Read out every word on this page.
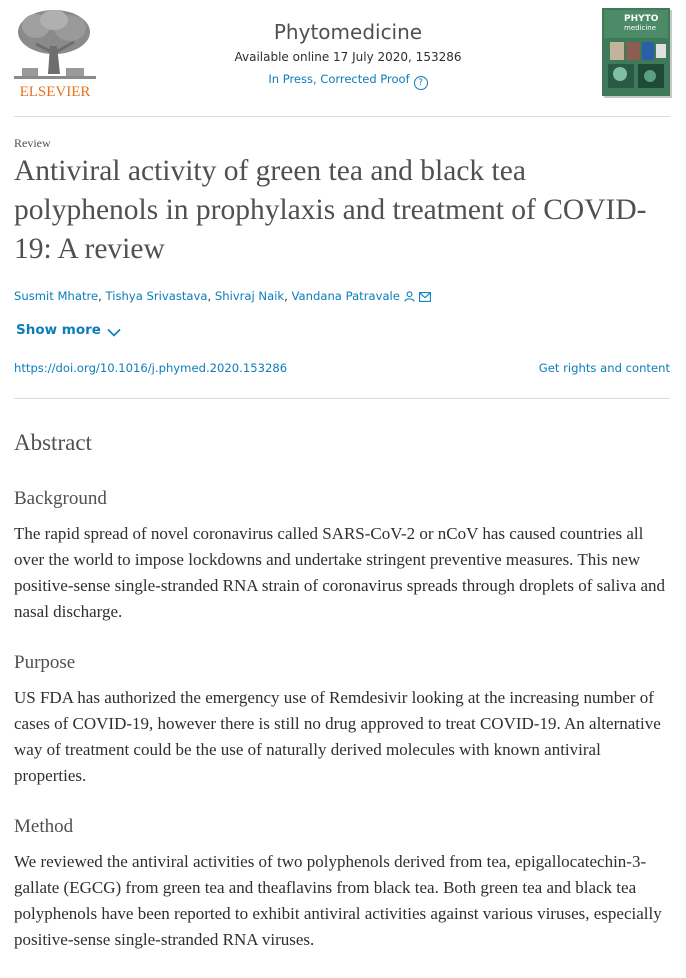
ELSEVIER
Phytomedicine
Available online 17 July 2020, 153286
In Press, Corrected Proof ?
PHYTO
medicine
Review
Antiviral activity of green tea and black tea polyphenols in prophylaxis and treatment of COVID-19: A review
Susmit Mhatre, Tishya Srivastava, Shivraj Naik, Vandana Patravale
Show more
https://doi.org/10.1016/j.phymed.2020.153286	Get rights and content
Abstract
Background

The rapid spread of novel coronavirus called SARS-CoV-2 or nCoV has caused countries all over the world to impose lockdowns and undertake stringent preventive measures. This new positive-sense single-stranded RNA strain of coronavirus spreads through droplets of saliva and nasal discharge.

Purpose

US FDA has authorized the emergency use of Remdesivir looking at the increasing number of cases of COVID-19, however there is still no drug approved to treat COVID-19. An alternative way of treatment could be the use of naturally derived molecules with known antiviral properties.

Method

We reviewed the antiviral activities of two polyphenols derived from tea, epigallocatechin-3-gallate (EGCG) from green tea and theaflavins from black tea. Both green tea and black tea polyphenols have been reported to exhibit antiviral activities against various viruses, especially positive-sense single-stranded RNA viruses.
